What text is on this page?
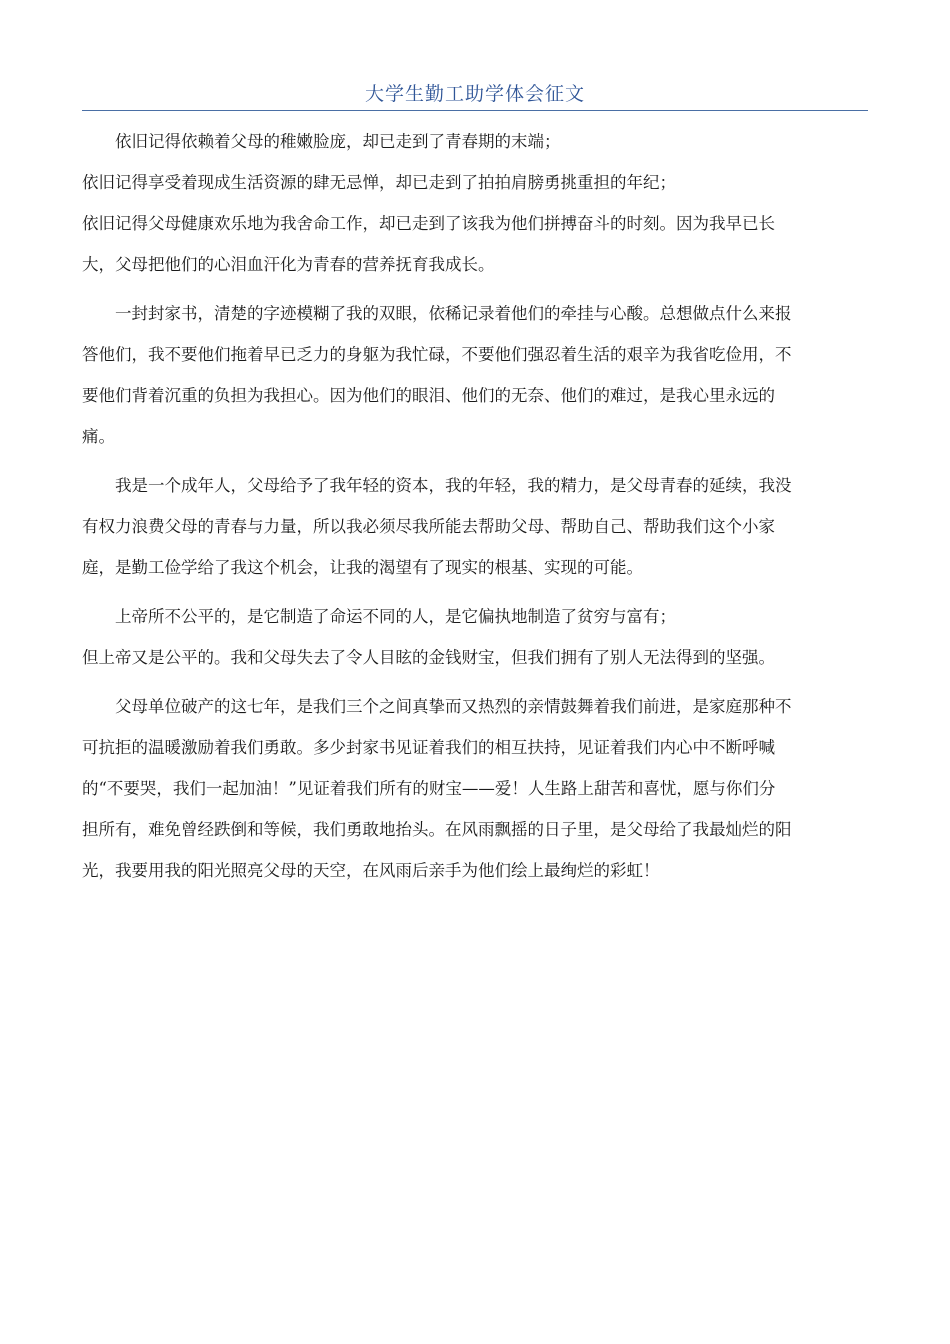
大学生勤工助学体会征文

依旧记得依赖着父母的稚嫩脸庞，却已走到了青春期的末端；
依旧记得享受着现成生活资源的肆无忌惮，却已走到了拍拍肩膀勇挑重担的年纪；
依旧记得父母健康欢乐地为我舍命工作，却已走到了该我为他们拼搏奋斗的时刻。因为我早已长
大，父母把他们的心泪血汗化为青春的营养抚育我成长。

一封封家书，清楚的字迹模糊了我的双眼，依稀记录着他们的牵挂与心酸。总想做点什么来报
答他们，我不要他们拖着早已乏力的身躯为我忙碌，不要他们强忍着生活的艰辛为我省吃俭用，不
要他们背着沉重的负担为我担心。因为他们的眼泪、他们的无奈、他们的难过，是我心里永远的
痛。

我是一个成年人，父母给予了我年轻的资本，我的年轻，我的精力，是父母青春的延续，我没
有权力浪费父母的青春与力量，所以我必须尽我所能去帮助父母、帮助自己、帮助我们这个小家
庭，是勤工俭学给了我这个机会，让我的渴望有了现实的根基、实现的可能。

上帝所不公平的，是它制造了命运不同的人，是它偏执地制造了贫穷与富有；
但上帝又是公平的。我和父母失去了令人目眩的金钱财宝，但我们拥有了别人无法得到的坚强。

父母单位破产的这七年，是我们三个之间真挚而又热烈的亲情鼓舞着我们前进，是家庭那种不
可抗拒的温暖激励着我们勇敢。多少封家书见证着我们的相互扶持，见证着我们内心中不断呼喊
的“不要哭，我们一起加油！”见证着我们所有的财宝——爱！人生路上甜苦和喜忧，愿与你们分
担所有，难免曾经跌倒和等候，我们勇敢地抬头。在风雨飘摇的日子里，是父母给了我最灿烂的阳
光，我要用我的阳光照亮父母的天空，在风雨后亲手为他们绘上最绚烂的彩虹！
